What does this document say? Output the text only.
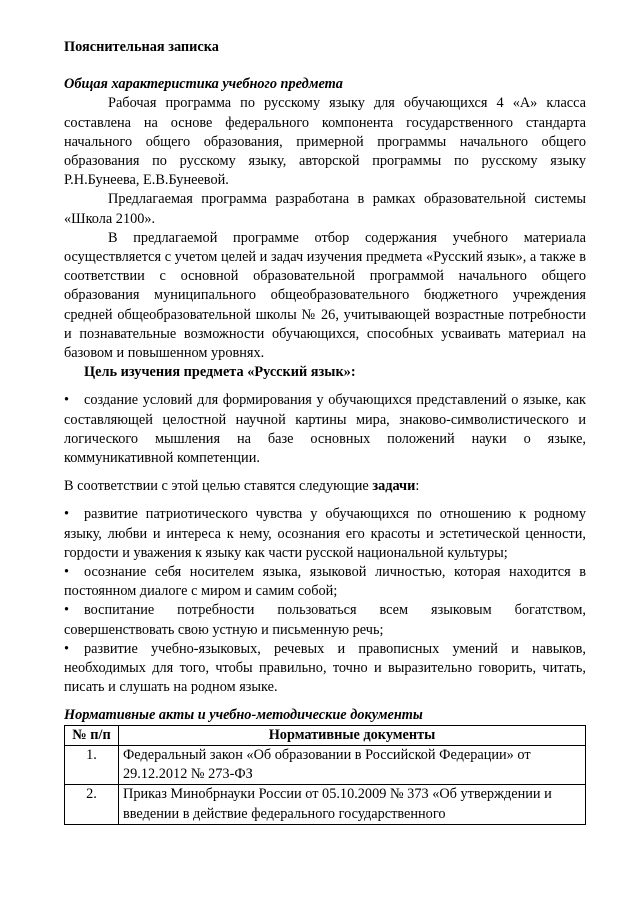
Пояснительная записка

Общая характеристика учебного предмета

Рабочая программа по русскому языку для обучающихся 4 «А» класса составлена на основе федерального компонента государственного стандарта начального общего образования, примерной программы начального общего образования по русскому языку, авторской программы по русскому языку Р.Н.Бунеева, Е.В.Бунеевой.

Предлагаемая программа разработана в рамках образовательной системы «Школа 2100».

В предлагаемой программе отбор содержания учебного материала осуществляется с учетом целей и задач изучения предмета «Русский язык», а также в соответствии с основной образовательной программой начального общего образования муниципального общеобразовательного бюджетного учреждения средней общеобразовательной школы № 26, учитывающей возрастные потребности и познавательные возможности обучающихся, способных усваивать материал на базовом и повышенном уровнях.

Цель изучения предмета «Русский язык»:

• создание условий для формирования у обучающихся представлений о языке, как составляющей целостной научной картины мира, знаково-символистического и логического мышления на базе основных положений науки о языке, коммуникативной компетенции.

В соответствии с этой целью ставятся следующие задачи:

• развитие патриотического чувства у обучающихся по отношению к родному языку, любви и интереса к нему, осознания его красоты и эстетической ценности, гордости и уважения к языку как части русской национальной культуры;

• осознание себя носителем языка, языковой личностью, которая находится в постоянном диалоге с миром и самим собой;

• воспитание потребности пользоваться всем языковым богатством, совершенствовать свою устную и письменную речь;

• развитие учебно-языковых, речевых и правописных умений и навыков, необходимых для того, чтобы правильно, точно и выразительно говорить, читать, писать и слушать на родном языке.

Нормативные акты и учебно-методические документы

№ п/п	Нормативные документы
1.	Федеральный закон «Об образовании в Российской Федерации» от 29.12.2012 № 273-ФЗ
2.	Приказ Минобрнауки России от 05.10.2009 № 373 «Об утверждении и введении в действие федерального государственного
